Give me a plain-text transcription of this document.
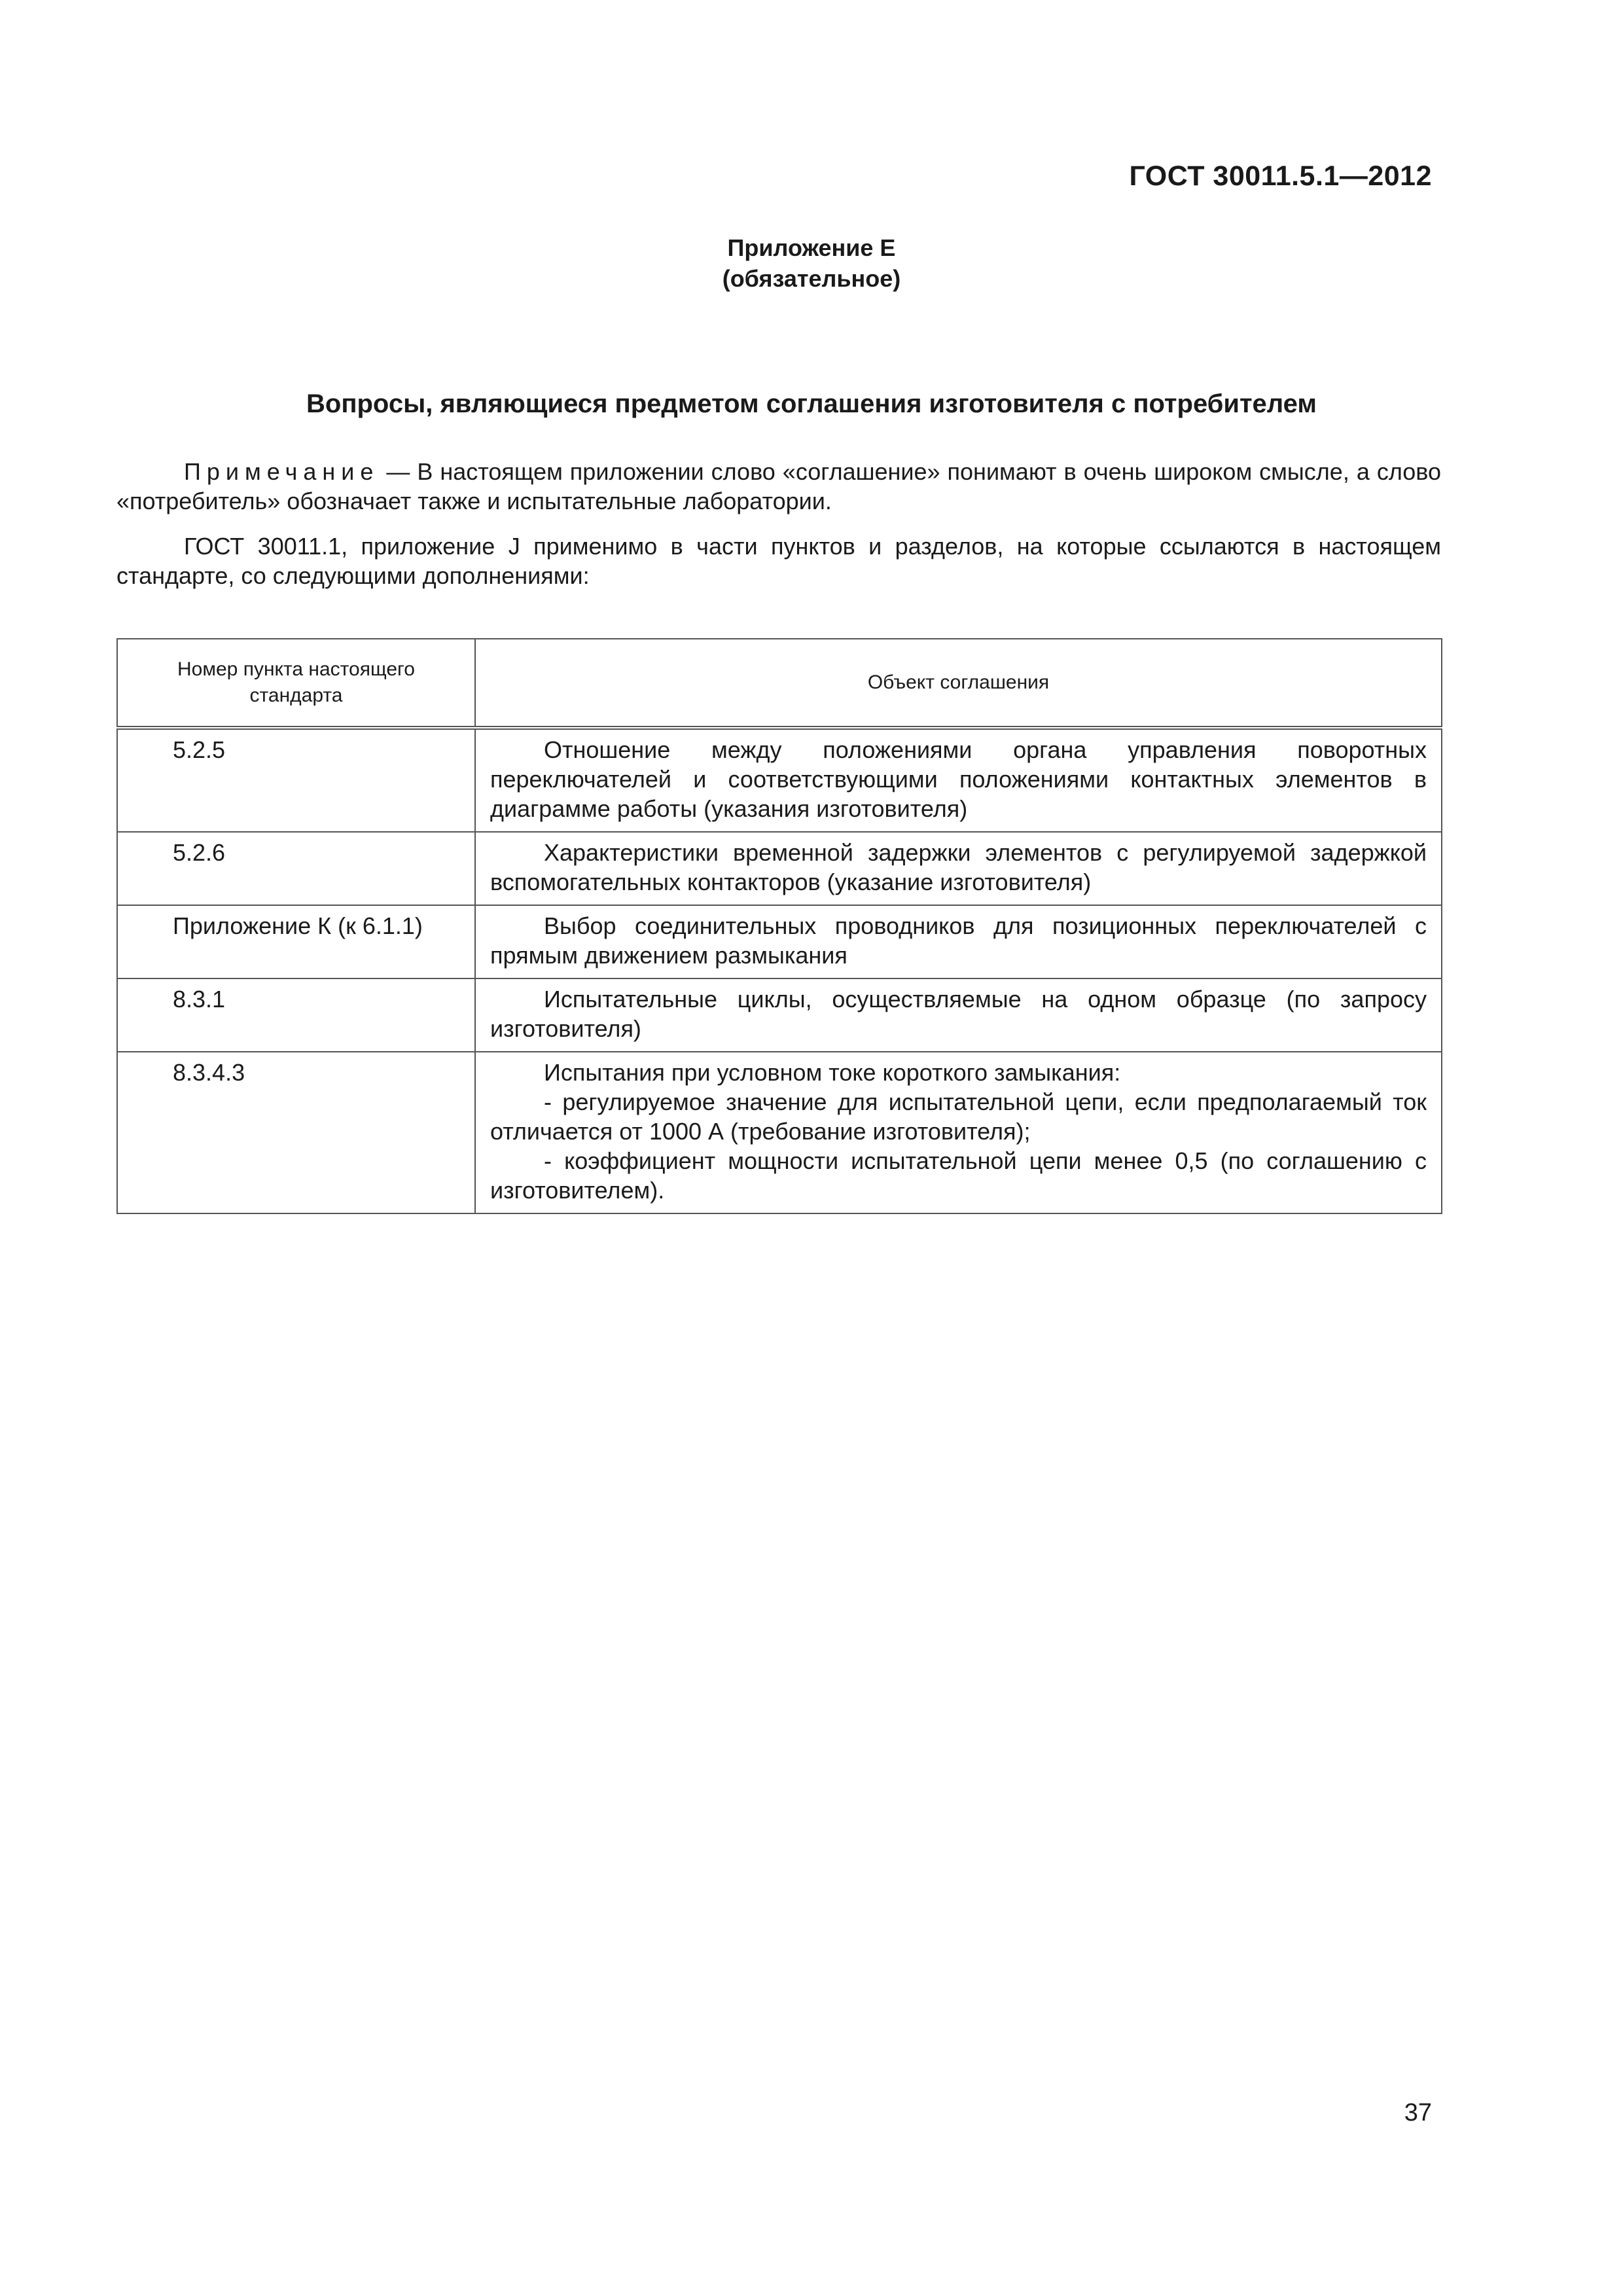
ГОСТ 30011.5.1—2012
Приложение Е
(обязательное)
Вопросы, являющиеся предметом соглашения изготовителя с потребителем
Примечание — В настоящем приложении слово «соглашение» понимают в очень широком смысле, а слово «потребитель» обозначает также и испытательные лаборатории.
ГОСТ 30011.1, приложение J применимо в части пунктов и разделов, на которые ссылаются в настоящем стандарте, со следующими дополнениями:
Номер пункта настоящего стандарта	Объект соглашения
5.2.5	Отношение между положениями органа управления поворотных переключателей и соответствующими положениями контактных элементов в диаграмме работы (указания изготовителя)

5.2.6	Характеристики временной задержки элементов с регулируемой задержкой вспомогательных контакторов (указание изготовителя)

Приложение К (к 6.1.1)	Выбор соединительных проводников для позиционных переключателей с прямым движением размыкания

8.3.1	Испытательные циклы, осуществляемые на одном образце (по запросу изготовителя)

8.3.4.3	Испытания при условном токе короткого замыкания:
- регулируемое значение для испытательной цепи, если предполагаемый ток отличается от 1000 А (требование изготовителя);
- коэффициент мощности испытательной цепи менее 0,5 (по соглашению с изготовителем).
37
